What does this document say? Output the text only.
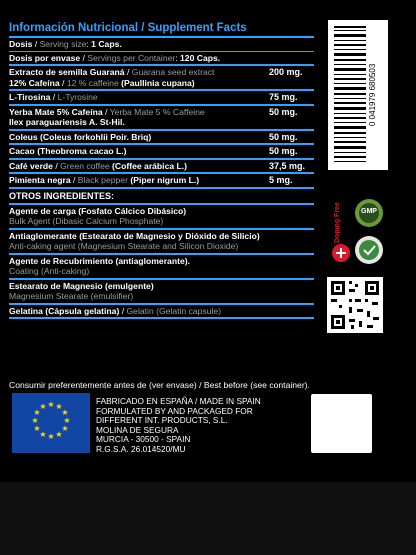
Información Nutricional / Supplement Facts
Dosis / Serving size: 1 Caps.
Dosis por envase / Servings per Container: 120 Caps.
Extracto de semilla Guaraná / Guarana seed extract	200 mg.

12% Cafeína / 12 % caffeine (Paullinia cupana)
L-Tirosina / L-Tyrosine	75 mg.
Yerba Mate 5% Cafeína / Yerba Mate 5 % Caffeine	50 mg.

Ilex paraguariensis A. St-Hil.
Coleus (Coleus forkohlii Poir. Briq)	50 mg.
Cacao (Theobroma cacao L.)	50 mg.
Café verde / Green coffee (Coffee arábica L.)	37,5 mg.
Pimienta negra / Black pepper (Piper nigrum L.)	5 mg.
OTROS INGREDIENTES:
Agente de carga (Fosfato Cálcico Dibásico)
Bulk Agent (Dibasic Calcium Phosphate)
Antiaglomerante (Estearato de Magnesio y Dióxido de Silicio)
Anti-caking agent (Magnesium Stearate and Silicon Dioxide)
Agente de Recubrimiento (antiaglomerante).
Coating (Anti-caking)
Estearato de Magnesio (emulgente)
Magnesium Stearate (emulsifier)
Gelatina (Cápsula gelatina) / Gelatin (Gelatin capsule)
Consumir preferentemente antes de (ver envase) / Best before (see container).
★ ★
★
★
★
★
★
★
★
★
★
★
FABRICADO EN ESPAÑA / MADE IN SPAIN
FORMULATED BY AND PACKAGED FOR
DIFFERENT INT. PRODUCTS, S.L.
MOLINA DE SEGURA
MURCIA - 30500 - SPAIN
R.G.S.A. 26.014520/MU
0 041979 680503
Doping Free	GMP
